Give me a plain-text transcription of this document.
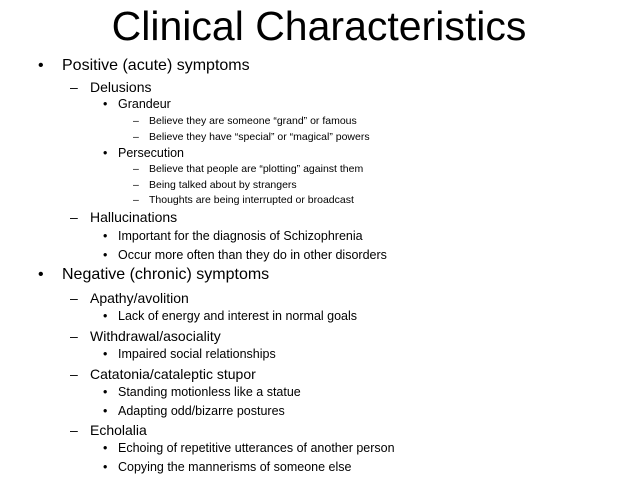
Clinical Characteristics
• Positive (acute) symptoms
– Delusions
• Grandeur
– Believe they are someone “grand” or famous
– Believe they have “special” or “magical” powers
• Persecution
– Believe that people are “plotting” against them
– Being talked about by strangers
– Thoughts are being interrupted or broadcast
– Hallucinations
• Important for the diagnosis of Schizophrenia
• Occur more often than they do in other disorders
• Negative (chronic) symptoms
– Apathy/avolition
• Lack of energy and interest in normal goals
– Withdrawal/asociality
• Impaired social relationships
– Catatonia/cataleptic stupor
• Standing motionless like a statue
• Adapting odd/bizarre postures
– Echolalia
• Echoing of repetitive utterances of another person
• Copying the mannerisms of someone else
